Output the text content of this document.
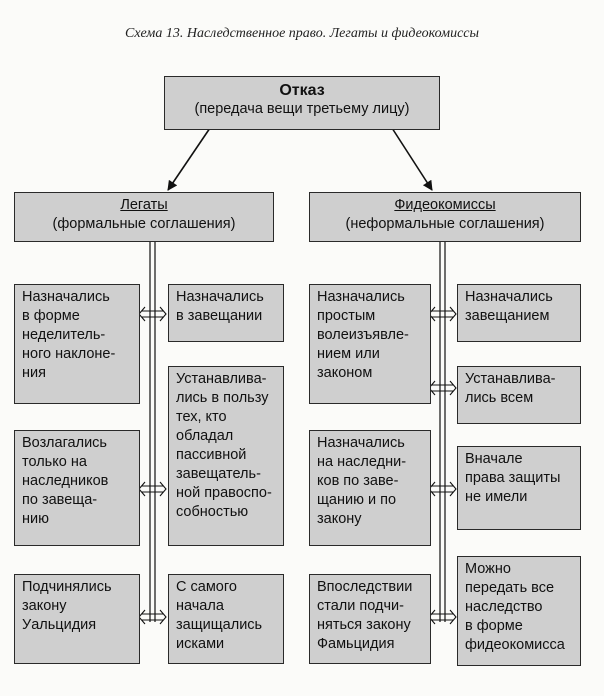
Схема 13. Наследственное право. Легаты и фидеокомиссы
Отказ
(передача вещи третьему лицу)
Легаты
(формальные соглашения)
Фидеокомиссы
(неформальные соглашения)
Назначались
в форме
неделитель-
ного наклоне-
ния
Возлагались
только на
наследников
по завеща-
нию
Подчинялись
закону
Уальцидия
Назначались
в завещании
Устанавлива-
лись в пользу
тех, кто
обладал
пассивной
завещатель-
ной правоспо-
собностью
С самого
начала
защищались
исками
Назначались
простым
волеизъявле-
нием или
законом
Назначались
на наследни-
ков по заве-
щанию и по
закону
Впоследствии
стали подчи-
няться закону
Фамьцидия
Назначались
завещанием
Устанавлива-
лись всем
Вначале
права защиты
не имели
Можно
передать все
наследство
в форме
фидеокомисса
